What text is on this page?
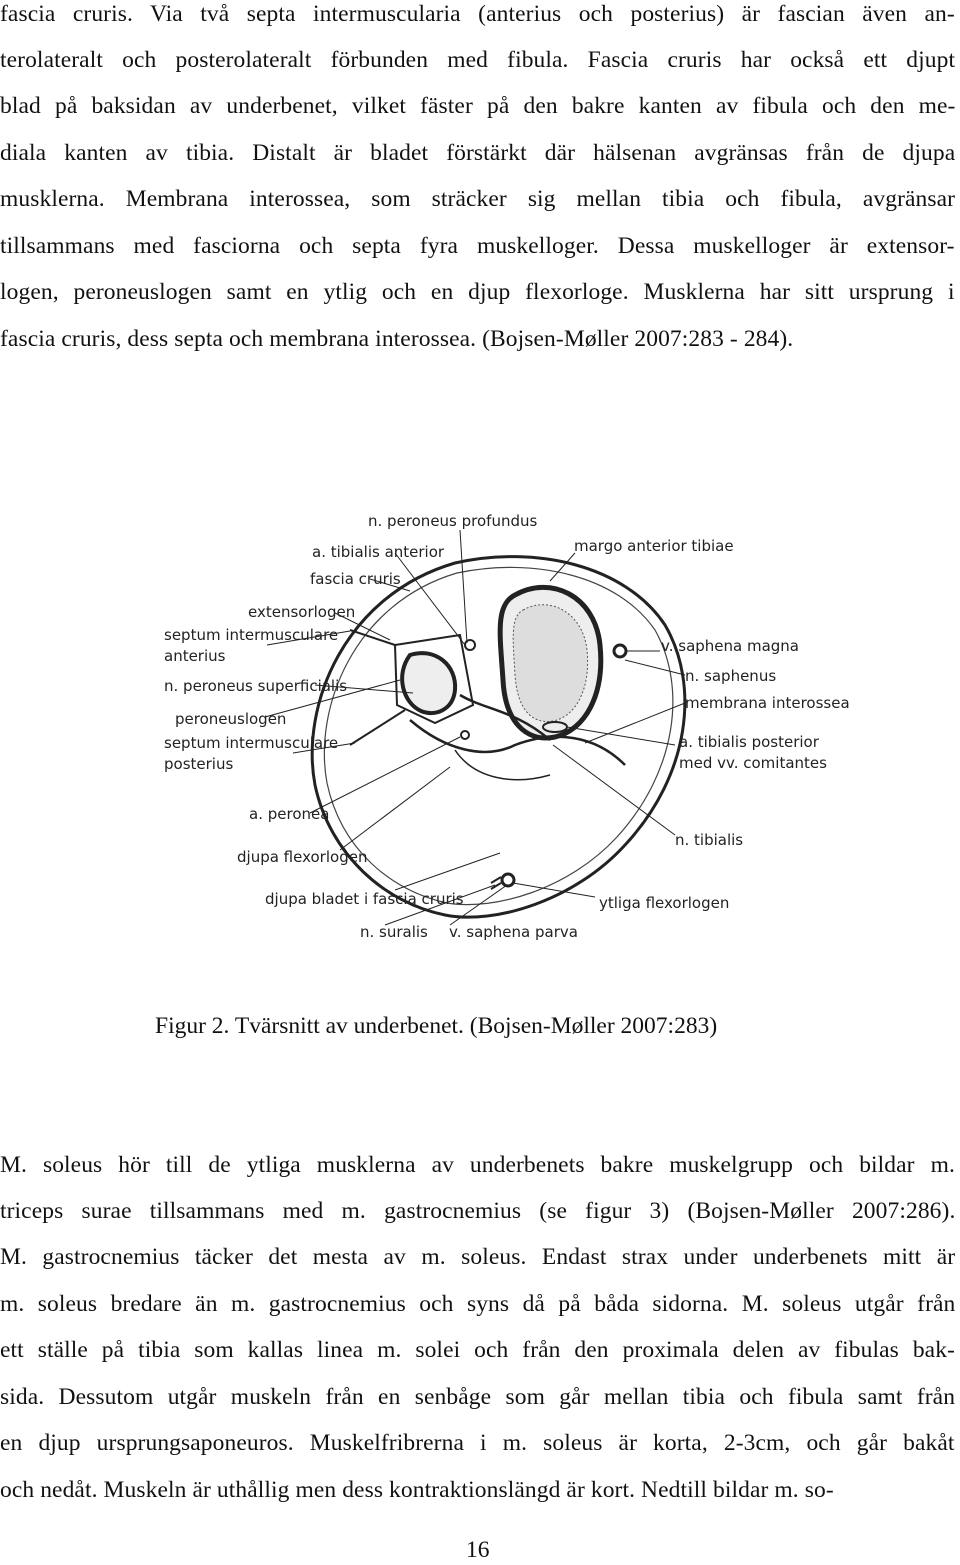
fascia cruris. Via två septa intermuscularia (anterius och posterius) är fascian även an-
terolateralt och posterolateralt förbunden med fibula. Fascia cruris har också ett djupt
blad på baksidan av underbenet, vilket fäster på den bakre kanten av fibula och den me-
diala kanten av tibia. Distalt är bladet förstärkt där hälsenan avgränsas från de djupa
musklerna. Membrana interossea, som sträcker sig mellan tibia och fibula, avgränsar
tillsammans med fasciorna och septa fyra muskelloger. Dessa muskelloger är extensor-
logen, peroneuslogen samt en ytlig och en djup flexorloge. Musklerna har sitt ursprung i
fascia cruris, dess septa och membrana interossea. (Bojsen-Møller 2007:283 - 284).
n. peroneus profundus
a. tibialis anterior
fascia cruris
extensorlogen
septum intermusculare
anterius
n. peroneus superficialis
peroneuslogen
septum intermusculare
posterius
a. peronea
djupa flexorlogen
djupa bladet i fascia cruris
n. suralis
margo anterior tibiae
v. saphena magna
n. saphenus
membrana interossea
a. tibialis posterior
med vv. comitantes
n. tibialis
ytliga flexorlogen
v. saphena parva
Figur 2. Tvärsnitt av underbenet. (Bojsen-Møller 2007:283)
M. soleus hör till de ytliga musklerna av underbenets bakre muskelgrupp och bildar m.
triceps surae tillsammans med m. gastrocnemius (se figur 3) (Bojsen-Møller 2007:286).
M. gastrocnemius täcker det mesta av m. soleus. Endast strax under underbenets mitt är
m. soleus bredare än m. gastrocnemius och syns då på båda sidorna. M. soleus utgår från
ett ställe på tibia som kallas linea m. solei och från den proximala delen av fibulas bak-
sida. Dessutom utgår muskeln från en senbåge som går mellan tibia och fibula samt från
en djup ursprungsaponeuros. Muskelfribrerna i m. soleus är korta, 2-3cm, och går bakåt
och nedåt. Muskeln är uthållig men dess kontraktionslängd är kort. Nedtill bildar m. so-
16
